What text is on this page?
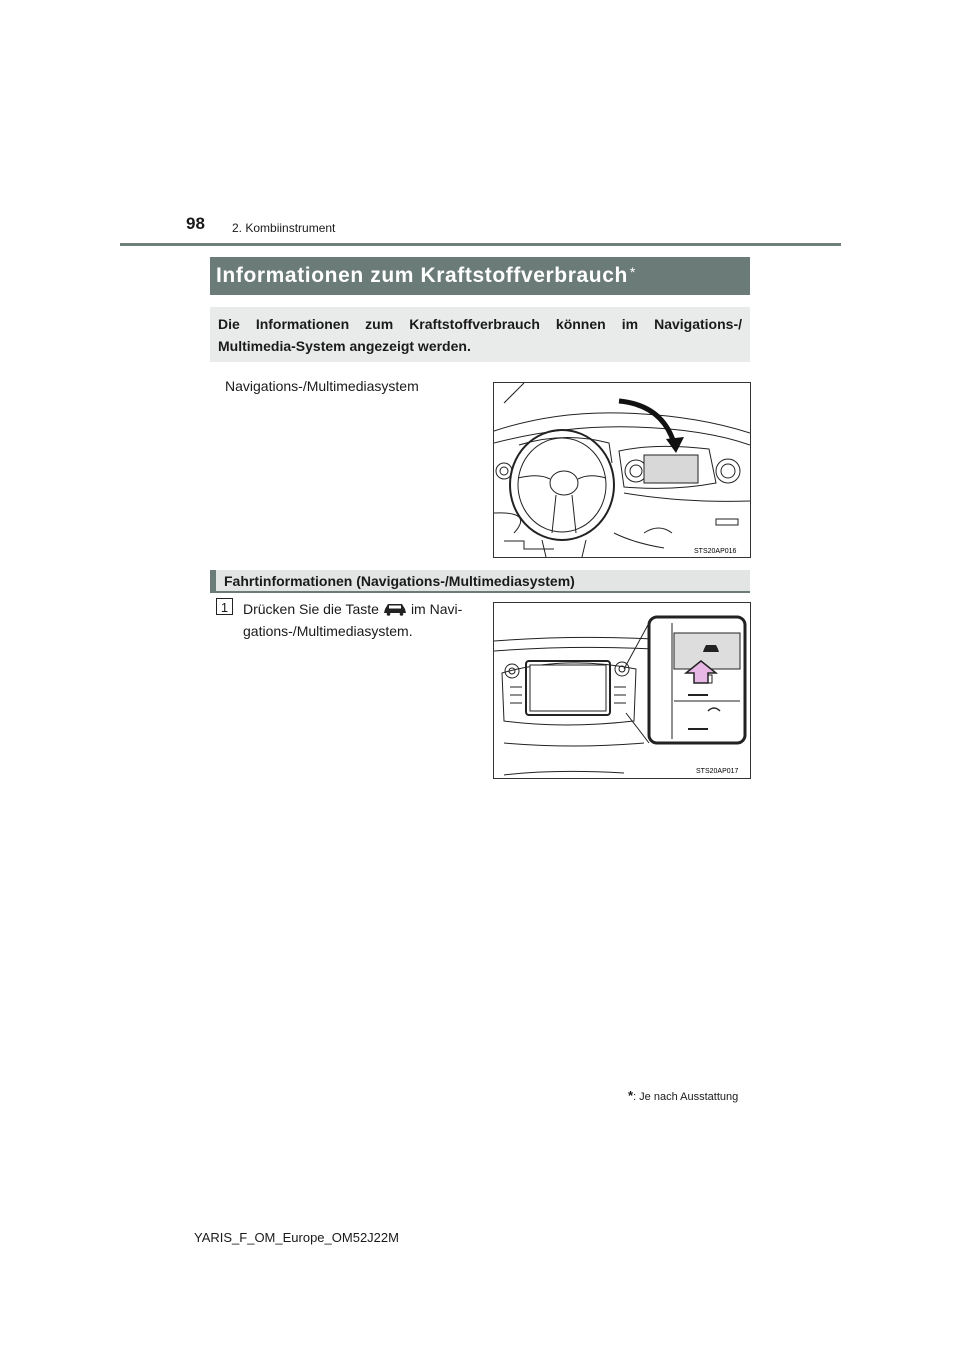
98 2. Kombiinstrument
Informationen zum Kraftstoffverbrauch*
Die Informationen zum Kraftstoffverbrauch können im Navigations-/
Multimedia-System angezeigt werden.
Navigations-/Multimediasystem
STS20AP016
Fahrtinformationen (Navigations-/Multimediasystem)
1	Drücken Sie die Taste im Navi-
gations-/Multimediasystem.
STS20AP017
*: Je nach Ausstattung
YARIS_F_OM_Europe_OM52J22M
